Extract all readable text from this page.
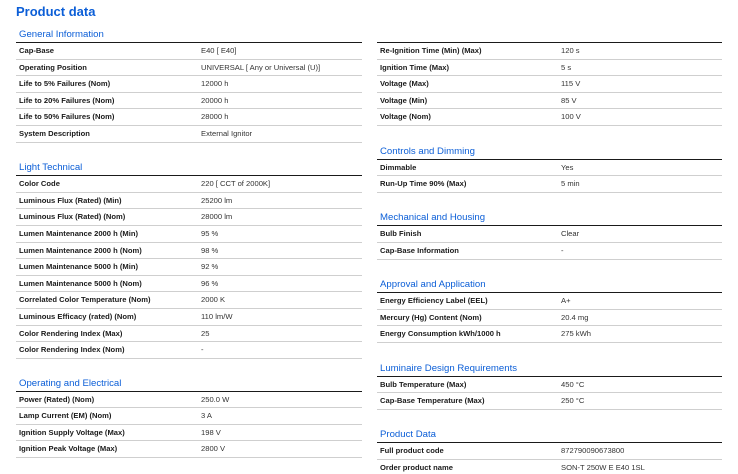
Product data
General Information
Cap-Base	E40 [ E40]
Operating Position	UNIVERSAL [ Any or Universal (U)]
Life to 5% Failures (Nom)	12000 h
Life to 20% Failures (Nom)	20000 h
Life to 50% Failures (Nom)	28000 h
System Description	External Ignitor
Light Technical
Color Code	220 [ CCT of 2000K]
Luminous Flux (Rated) (Min)	25200 lm
Luminous Flux (Rated) (Nom)	28000 lm
Lumen Maintenance 2000 h (Min)	95 %
Lumen Maintenance 2000 h (Nom)	98 %
Lumen Maintenance 5000 h (Min)	92 %
Lumen Maintenance 5000 h (Nom)	96 %
Correlated Color Temperature (Nom)	2000 K
Luminous Efficacy (rated) (Nom)	110 lm/W
Color Rendering Index (Max)	25
Color Rendering Index (Nom)	-
Operating and Electrical
Power (Rated) (Nom)	250.0 W
Lamp Current (EM) (Nom)	3 A
Ignition Supply Voltage (Max)	198 V
Ignition Peak Voltage (Max)	2800 V
Re-Ignition Time (Min) (Max)	120 s
Ignition Time (Max)	5 s
Voltage (Max)	115 V
Voltage (Min)	85 V
Voltage (Nom)	100 V
Controls and Dimming
Dimmable	Yes
Run-Up Time 90% (Max)	5 min
Mechanical and Housing
Bulb Finish	Clear
Cap-Base Information	-
Approval and Application
Energy Efficiency Label (EEL)	A+
Mercury (Hg) Content (Nom)	20.4 mg
Energy Consumption kWh/1000 h	275 kWh
Luminaire Design Requirements
Bulb Temperature (Max)	450 °C
Cap-Base Temperature (Max)	250 °C
Product Data
Full product code	872790090673800
Order product name	SON-T 250W E E40 1SL
